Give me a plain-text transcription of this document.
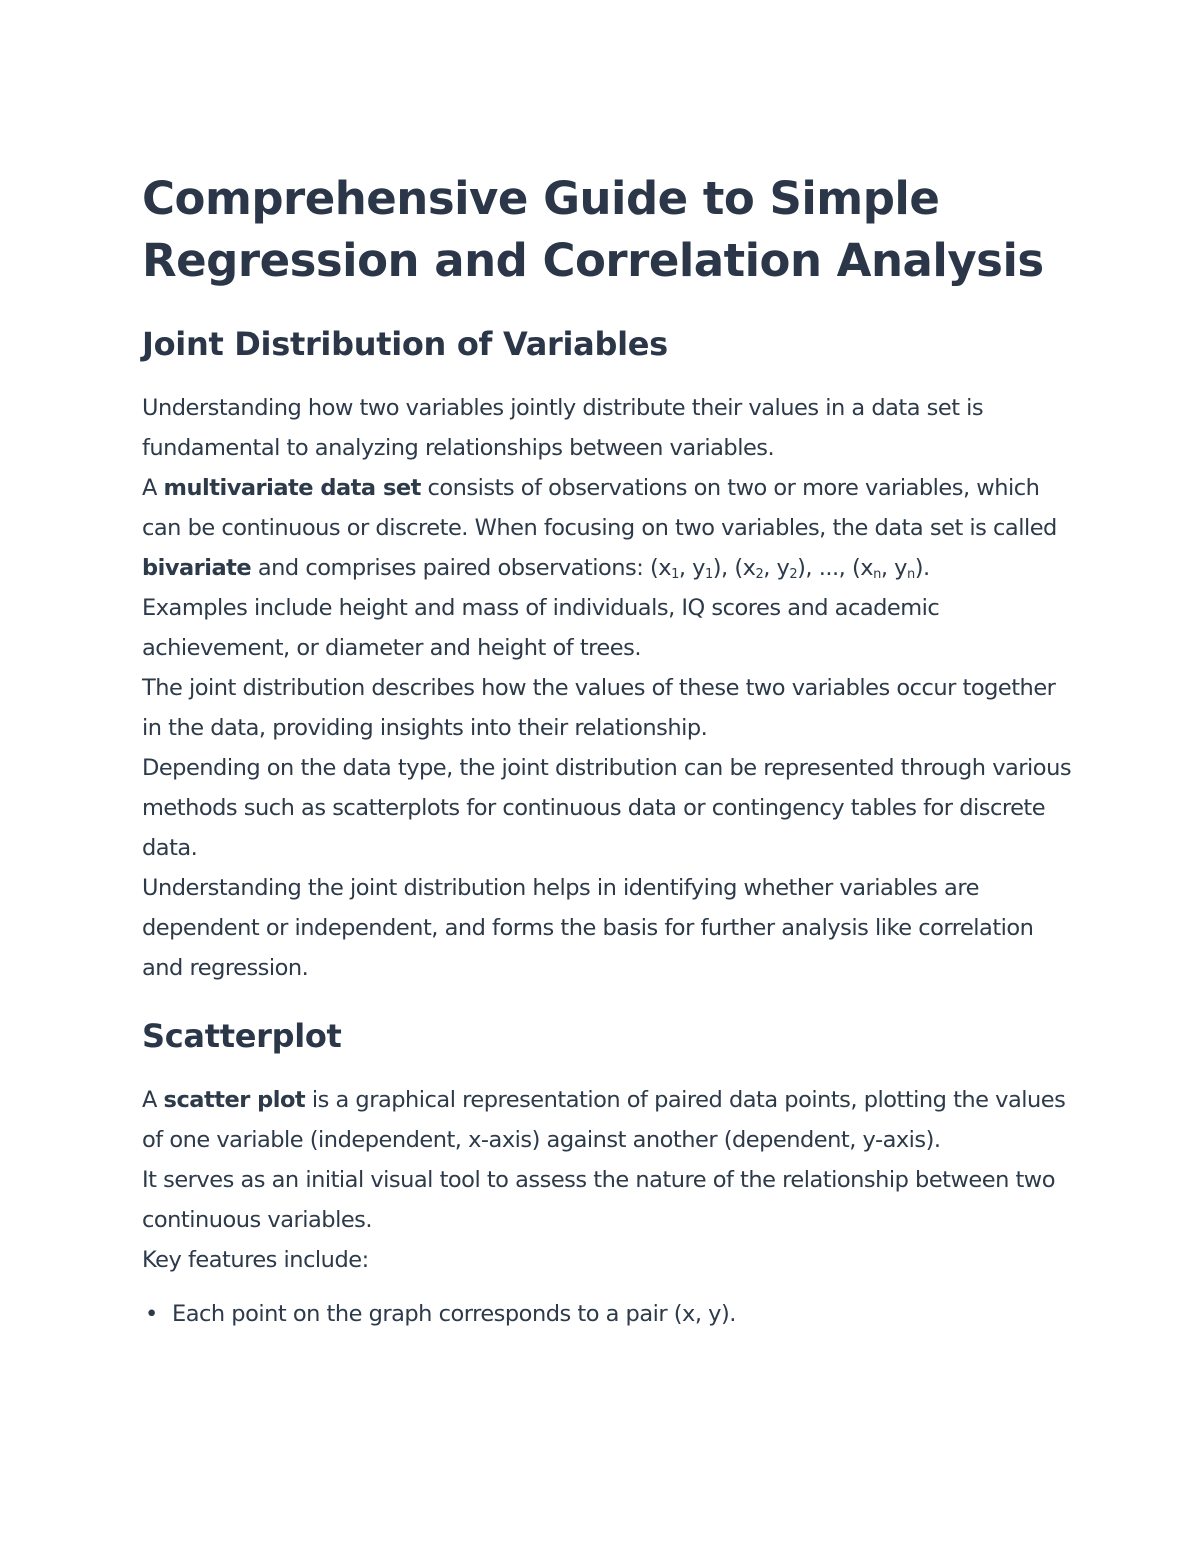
Comprehensive Guide to Simple Regression and Correlation Analysis
Joint Distribution of Variables

Understanding how two variables jointly distribute their values in a data set is fundamental to analyzing relationships between variables.

A multivariate data set consists of observations on two or more variables, which can be continuous or discrete. When focusing on two variables, the data set is called bivariate and comprises paired observations: ($x_1$, $y_1$), ($x_2$, $y_2$), ..., ($x_n$, $y_n$).

Examples include height and mass of individuals, IQ scores and academic achievement, or diameter and height of trees.

The joint distribution describes how the values of these two variables occur together in the data, providing insights into their relationship.

Depending on the data type, the joint distribution can be represented through various methods such as scatterplots for continuous data or contingency tables for discrete data.

Understanding the joint distribution helps in identifying whether variables are dependent or independent, and forms the basis for further analysis like correlation and regression.

Scatterplot

A scatter plot is a graphical representation of paired data points, plotting the values of one variable (independent, x-axis) against another (dependent, y-axis).

It serves as an initial visual tool to assess the nature of the relationship between two continuous variables.

Key features include:

• Each point on the graph corresponds to a pair (x, y).
